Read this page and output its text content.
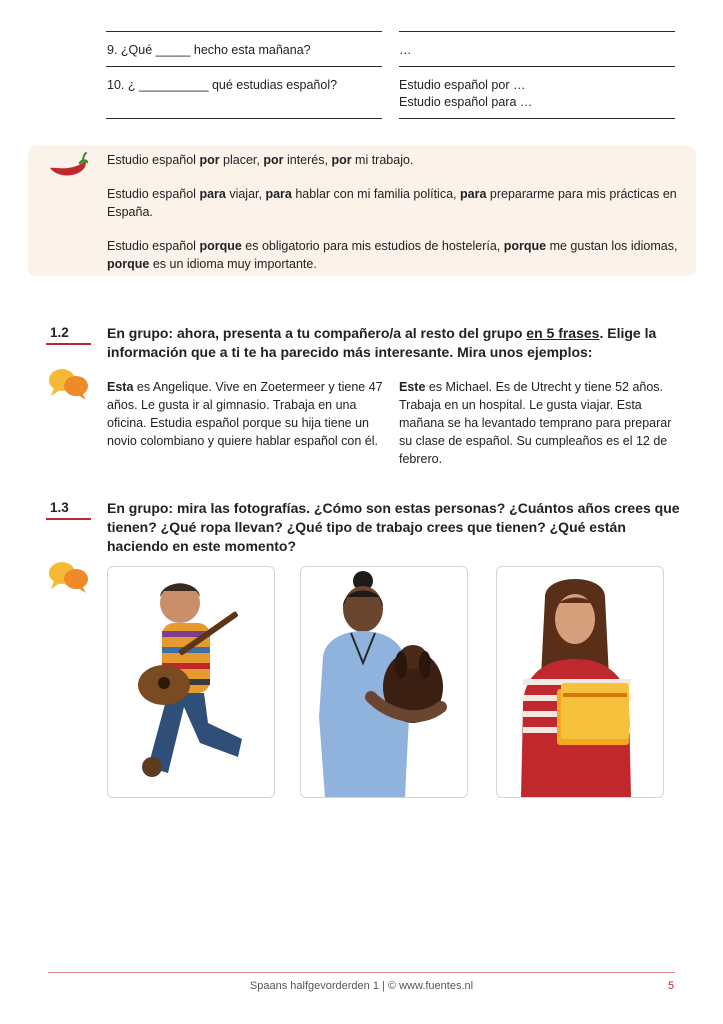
9. ¿Qué _____ hecho esta mañana?	…
10. ¿ __________ qué estudias español?	Estudio español por …
Estudio español para …
Estudio español por placer, por interés, por mi trabajo.
Estudio español para viajar, para hablar con mi familia política, para prepararme para mis prácticas en España.
Estudio español porque es obligatorio para mis estudios de hostelería, porque me gustan los idiomas, porque es un idioma muy importante.
1.2	En grupo: ahora, presenta a tu compañero/a al resto del grupo en 5 frases. Elige la información que a ti te ha parecido más interesante. Mira unos ejemplos:
Esta es Angelique. Vive en Zoetermeer y tiene 47 años. Le gusta ir al gimnasio. Trabaja en una oficina. Estudia español porque su hija tiene un novio colombiano y quiere hablar español con él.
Este es Michael. Es de Utrecht y tiene 52 años. Trabaja en un hospital. Le gusta viajar. Esta mañana se ha levantado temprano para preparar su clase de español. Su cumpleaños es el 12 de febrero.
1.3	En grupo: mira las fotografías. ¿Cómo son estas personas? ¿Cuántos años crees que tienen? ¿Qué ropa llevan? ¿Qué tipo de trabajo crees que tienen? ¿Qué están haciendo en este momento?
Spaans halfgevorderden 1 | © www.fuentes.nl	5
